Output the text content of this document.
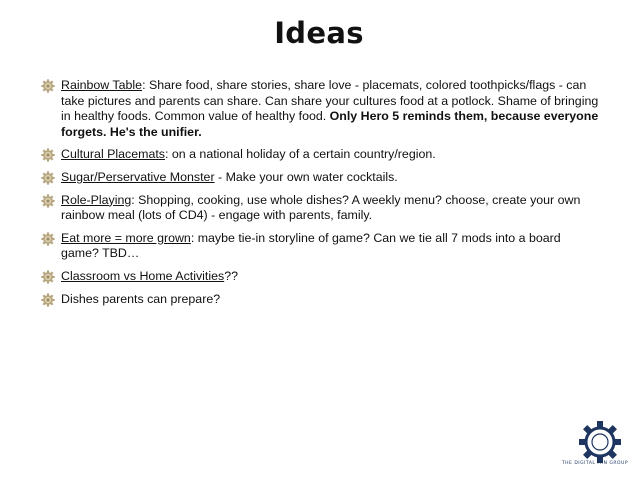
Ideas
Rainbow Table: Share food, share stories, share love - placemats, colored toothpicks/flags - can take pictures and parents can share. Can share your cultures food at a potlock. Shame of bringing in healthy foods. Common value of healthy food. Only Hero 5 reminds them, because everyone forgets. He's the unifier.
Cultural Placemats: on a national holiday of a certain country/region.
Sugar/Perservative Monster - Make your own water cocktails.
Role-Playing: Shopping, cooking, use whole dishes? A weekly menu? choose, create your own rainbow meal (lots of CD4) - engage with parents, family.
Eat more = more grown: maybe tie-in storyline of game? Can we tie all 7 mods into a board game? TBD…
Classroom vs Home Activities??
Dishes parents can prepare?
THE DIGITAL FAN GROUP
